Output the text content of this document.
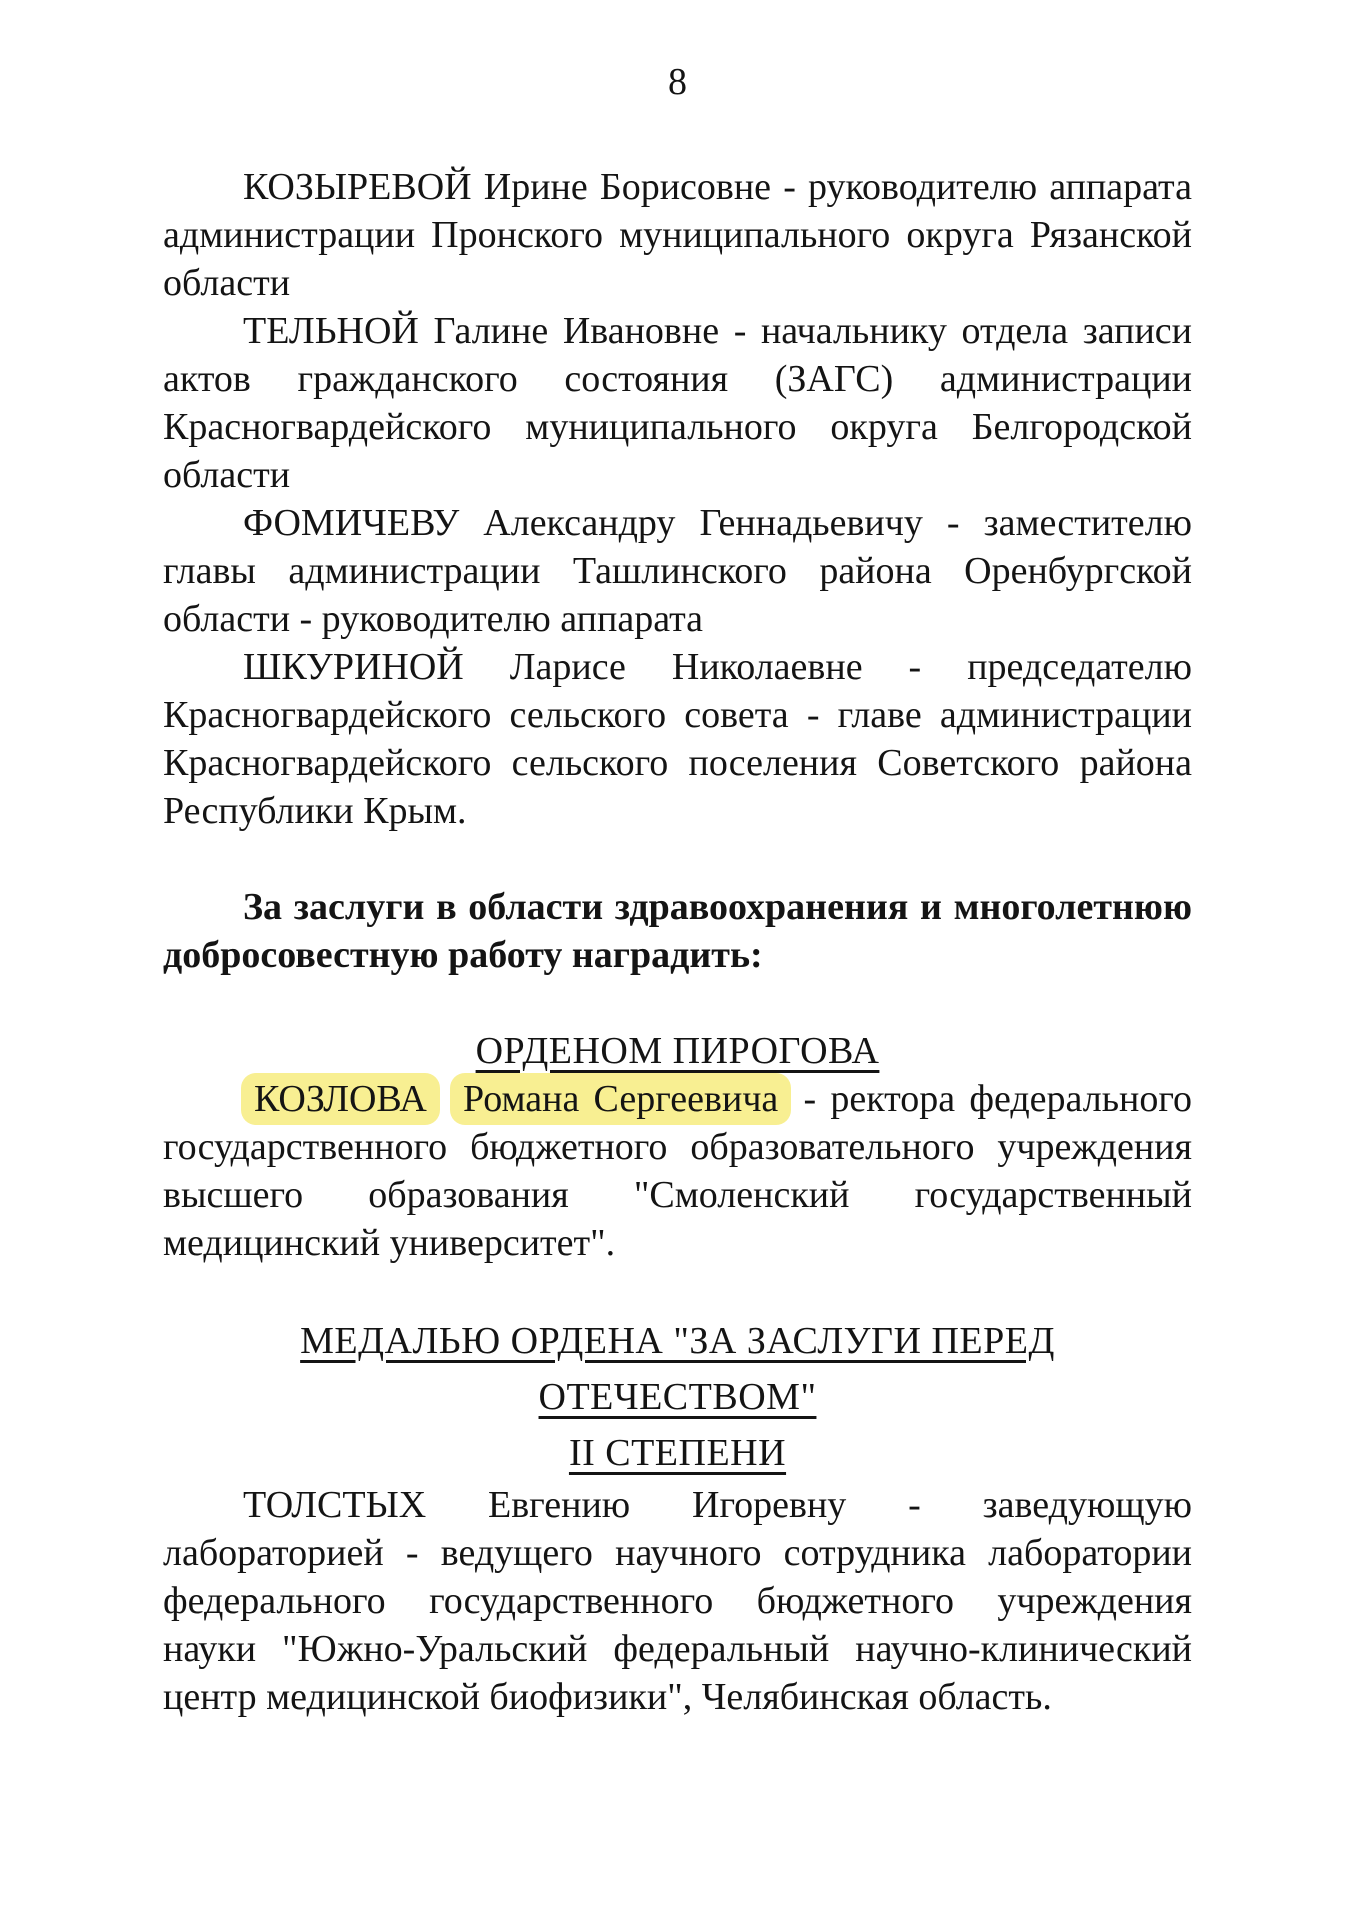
8

КОЗЫРЕВОЙ Ирине Борисовне - руководителю аппарата администрации Пронского муниципального округа Рязанской области

ТЕЛЬНОЙ Галине Ивановне - начальнику отдела записи актов гражданского состояния (ЗАГС) администрации Красногвардейского муниципального округа Белгородской области

ФОМИЧЕВУ Александру Геннадьевичу - заместителю главы администрации Ташлинского района Оренбургской области - руководителю аппарата

ШКУРИНОЙ Ларисе Николаевне - председателю Красногвардейского сельского совета - главе администрации Красногвардейского сельского поселения Советского района Республики Крым.

За заслуги в области здравоохранения и многолетнюю добросовестную работу наградить:

ОРДЕНОМ ПИРОГОВА

КОЗЛОВА Романа Сергеевича - ректора федерального государственного бюджетного образовательного учреждения высшего образования "Смоленский государственный медицинский университет".

МЕДАЛЬЮ ОРДЕНА "ЗА ЗАСЛУГИ ПЕРЕД ОТЕЧЕСТВОМ"
II СТЕПЕНИ

ТОЛСТЫХ Евгению Игоревну - заведующую лабораторией - ведущего научного сотрудника лаборатории федерального государственного бюджетного учреждения науки "Южно-Уральский федеральный научно-клинический центр медицинской биофизики", Челябинская область.
